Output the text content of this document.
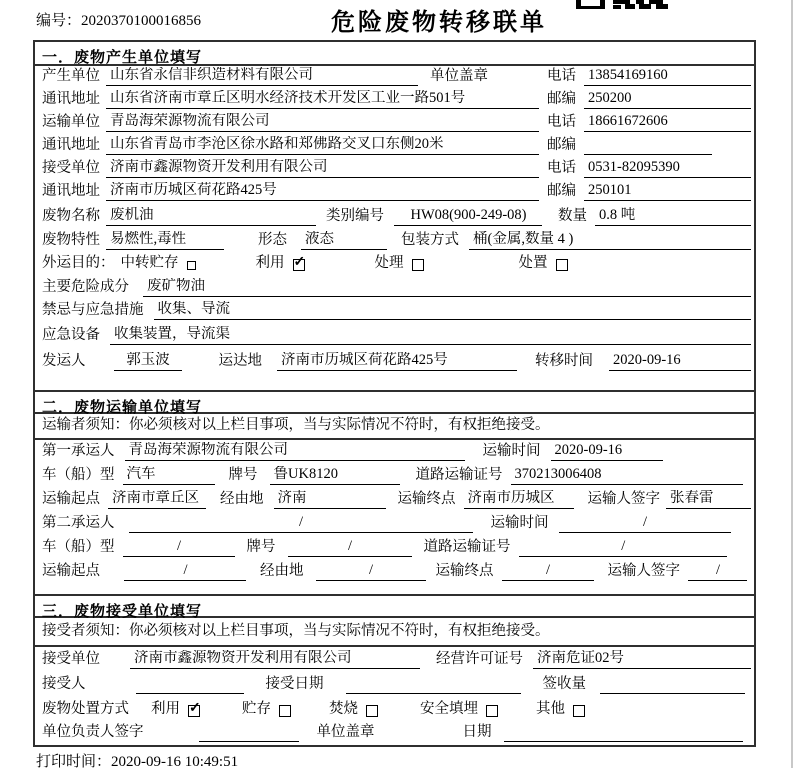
编号：2020370100016856	危险废物转移联单
一．废物产生单位填写
产生单位 山东省永信非织造材料有限公司	单位盖章	电话 13854169160
通讯地址 山东省济南市章丘区明水经济技术开发区工业一路501号	邮编 250200
运输单位 青岛海荣源物流有限公司	电话 18661672606
通讯地址 山东省青岛市李沧区徐水路和郑佛路交叉口东侧20米	邮编
接受单位 济南市鑫源物资开发利用有限公司	电话 0531-82095390
通讯地址 济南市历城区荷花路425号	邮编 250101
废物名称 废机油	类别编号	HW08(900-249-08)	数量 0.8 吨
废物特性 易燃性,毒性	形态 液态	包装方式 桶(金属,数量 4 )
外运目的： 中转贮存	利用 ✓	处理	处置
主要危险成分 废矿物油
禁忌与应急措施 收集、导流
应急设备 收集装置，导流渠
发运人	郭玉波	运达地 济南市历城区荷花路425号	转移时间 2020-09-16
二．废物运输单位填写
运输者须知：你必须核对以上栏目事项，当与实际情况不符时，有权拒绝接受。
第一承运人 青岛海荣源物流有限公司	运输时间 2020-09-16
车（船）型 汽车	牌号 鲁UK8120	道路运输证号 370213006408
运输起点 济南市章丘区	经由地 济南	运输终点 济南市历城区	运输人签字 张春雷
第二承运人	/	运输时间	/
车（船）型	/	牌号	/	道路运输证号	/
运输起点	/	经由地	/	运输终点	/	运输人签字	/
三．废物接受单位填写
接受者须知：你必须核对以上栏目事项，当与实际情况不符时，有权拒绝接受。
接受单位 济南市鑫源物资开发利用有限公司	经营许可证号 济南危证02号
接受人	接受日期	签收量
废物处置方式 利用 ✓	贮存	焚烧	安全填埋	其他
单位负责人签字	单位盖章	日期
打印时间：2020-09-16 10:49:51
